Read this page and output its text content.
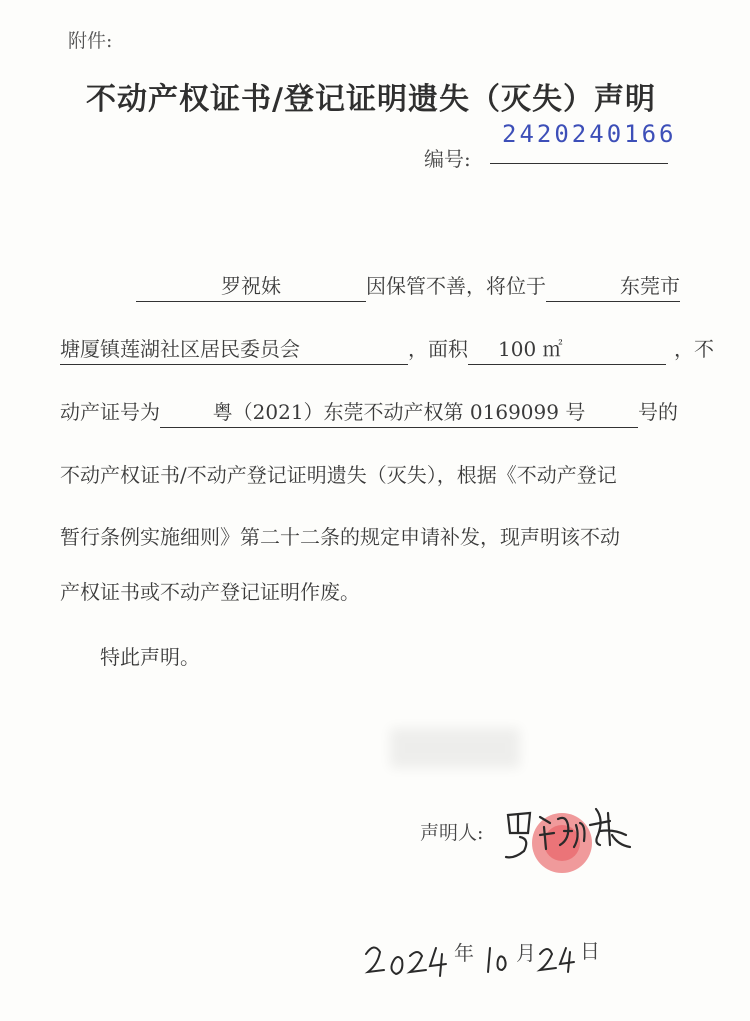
附件:
不动产权证书/登记证明遗失（灭失）声明
编号:
2420240166
罗祝妹	因保管不善，将位于	东莞市
塘厦镇莲湖社区居民委员会	，面积 100 ㎡	，不
动产证号为	粤（2021）东莞不动产权第 0169099 号	号的
不动产权证书/不动产登记证明遗失（灭失），根据《不动产登记
暂行条例实施细则》第二十二条的规定申请补发，现声明该不动
产权证书或不动产登记证明作废。
特此声明。
声明人:
年 月 日
